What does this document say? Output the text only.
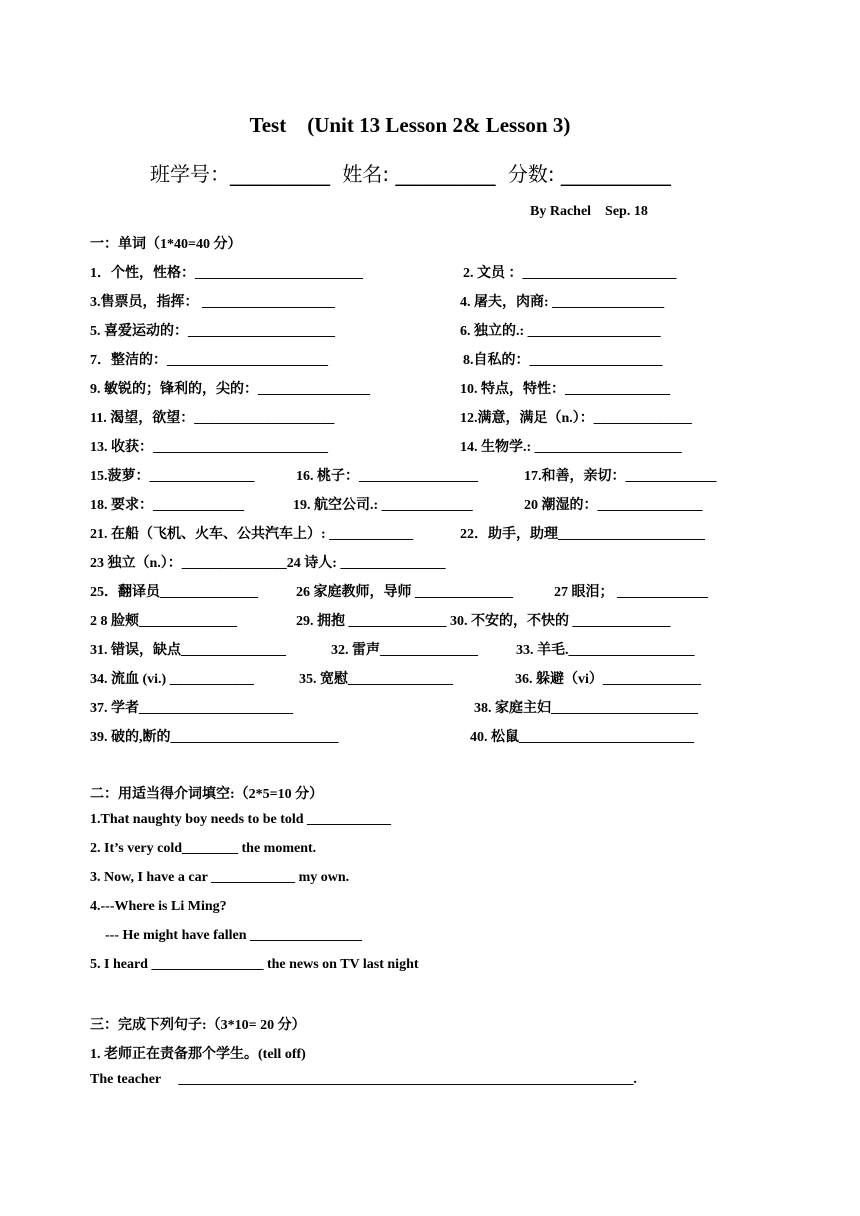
Test    (Unit 13 Lesson 2& Lesson 3)
班学号：__________ 姓名: __________ 分数: ___________
By Rachel    Sep. 18
一：单词（1*40=40 分）
1．个性，性格：________________________	2. 文员 ：______________________
3.售票员，指挥： ___________________	4. 屠夫，肉商: ________________
5. 喜爱运动的：_____________________	6. 独立的.: ___________________
7．整洁的：_______________________	8.自私的：___________________
9. 敏锐的；锋利的，尖的：________________	10. 特点，特性：_______________
11. 渴望，欲望：____________________	12.满意，满足（n.）：______________
13. 收获：_________________________	14. 生物学.: _____________________
15.菠萝：_______________	16. 桃子：_________________	17.和善，亲切：_____________
18. 要求：_____________	19. 航空公司.: _____________	20 潮湿的：_______________
21. 在船（飞机、火车、公共汽车上）: ____________	22．助手，助理_____________________
23 独立（n.）：_______________24 诗人: _______________
25．翻译员______________	26 家庭教师，导师 ______________	27 眼泪； _____________
2 8 脸颊______________	29. 拥抱 ______________ 30. 不安的，不快的 ______________
31. 错误，缺点_______________	32. 雷声______________	33. 羊毛.__________________
34. 流血 (vi.) ____________	35. 宽慰_______________	36. 躲避（vi）______________
37. 学者______________________	38. 家庭主妇_____________________
39. 破的,断的________________________	40. 松鼠_________________________
二：用适当得介词填空:（2*5=10 分）
1.That naughty boy needs to be told ____________
2. It’s very cold________ the moment.
3. Now, I have a car ____________ my own.
4.---Where is Li Ming?
--- He might have fallen ________________
5. I heard ________________ the news on TV last night
三：完成下列句子:（3*10= 20 分）
1. 老师正在责备那个学生。(tell off)
The teacher     _________________________________________________________________.
